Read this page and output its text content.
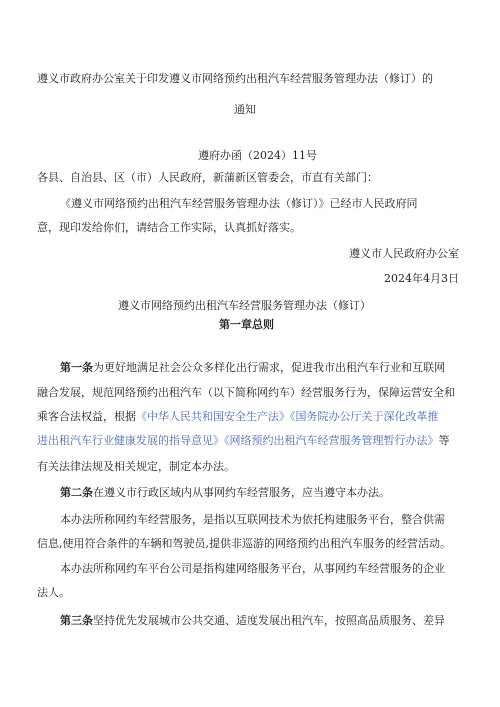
遵义市政府办公室关于印发遵义市网络预约出租汽车经营服务管理办法（修订）的
通知
遵府办函（2024）11号
各县、自治县、区（市）人民政府，新蒲新区管委会，市直有关部门：
《遵义市网络预约出租汽车经营服务管理办法（修订）》已经市人民政府同
意，现印发给你们，请结合工作实际，认真抓好落实。
遵义市人民政府办公室
2024年4月3日
遵义市网络预约出租汽车经营服务管理办法（修订）
第一章总则
第一条为更好地满足社会公众多样化出行需求，促进我市出租汽车行业和互联网
融合发展，规范网络预约出租汽车（以下简称网约车）经营服务行为，保障运营安全和
乘客合法权益，根据《中华人民共和国安全生产法》《国务院办公厅关于深化改革推
进出租汽车行业健康发展的指导意见》《网络预约出租汽车经营服务管理暂行办法》等
有关法律法规及相关规定，制定本办法。
第二条在遵义市行政区域内从事网约车经营服务，应当遵守本办法。
本办法所称网约车经营服务，是指以互联网技术为依托构建服务平台，整合供需
信息,使用符合条件的车辆和驾驶员,提供非巡游的网络预约出租汽车服务的经营活动。
本办法所称网约车平台公司是指构建网络服务平台，从事网约车经营服务的企业
法人。
第三条坚持优先发展城市公共交通、适度发展出租汽车，按照高品质服务、差异
